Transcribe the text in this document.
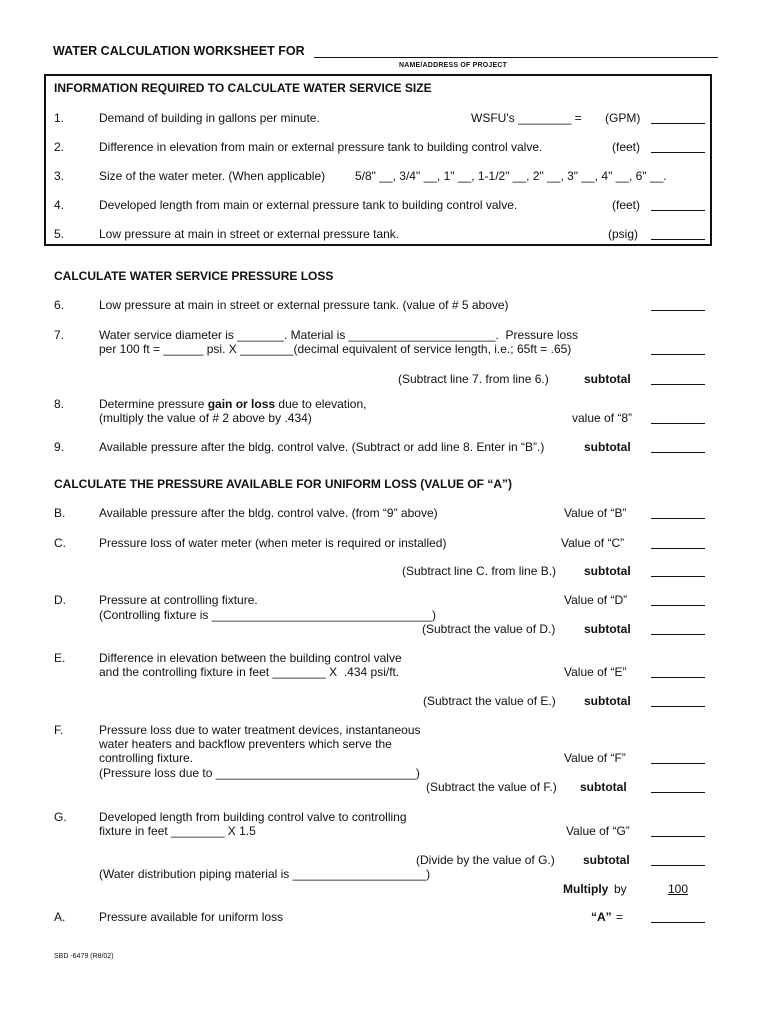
WATER CALCULATION WORKSHEET FOR
NAME/ADDRESS OF PROJECT
INFORMATION REQUIRED TO CALCULATE WATER SERVICE SIZE
1.	Demand of building in gallons per minute.	WSFU's ________ = (GPM)
2.	Difference in elevation from main or external pressure tank to building control valve.	(feet)
3.	Size of the water meter. (When applicable) 5/8" __, 3/4" __, 1" __, 1-1/2" __, 2" __, 3" __, 4" __, 6" __.
4.	Developed length from main or external pressure tank to building control valve.	(feet)
5.	Low pressure at main in street or external pressure tank.	(psig)
CALCULATE WATER SERVICE PRESSURE LOSS
6.	Low pressure at main in street or external pressure tank. (value of # 5 above)
7.	Water service diameter is _______. Material is ______________________.  Pressure loss
per 100 ft = ______ psi. X ________(decimal equivalent of service length, i.e.; 65ft = .65)
(Subtract line 7. from line 6.)	subtotal
8.	Determine pressure gain or loss due to elevation,
(multiply the value of # 2 above by .434)	value of “8”
9.	Available pressure after the bldg. control valve. (Subtract or add line 8. Enter in “B”.)	subtotal
CALCULATE THE PRESSURE AVAILABLE FOR UNIFORM LOSS (VALUE OF “A”)
B.	Available pressure after the bldg. control valve. (from “9” above)	Value of “B”
C.	Pressure loss of water meter (when meter is required or installed)	Value of “C”
(Subtract line C. from line B.) subtotal
D.	Pressure at controlling fixture.
(Controlling fixture is _________________________________)
Value of “D”
(Subtract the value of D.) subtotal
E.	Difference in elevation between the building control valve
and the controlling fixture in feet ________ X  .434 psi/ft.	Value of “E”
(Subtract the value of E.) subtotal
F.	Pressure loss due to water treatment devices, instantaneous
water heaters and backflow preventers which serve the
controlling fixture.
(Pressure loss due to ______________________________)
Value of “F”
(Subtract the value of F.) subtotal
G.	Developed length from building control valve to controlling
fixture in feet ________ X 1.5	Value of “G”
(Divide by the value of G.) subtotal
(Water distribution piping material is ____________________)
Multiply by	100
A.	Pressure available for uniform loss	“A” =
SBD -6479 (R8/02)
